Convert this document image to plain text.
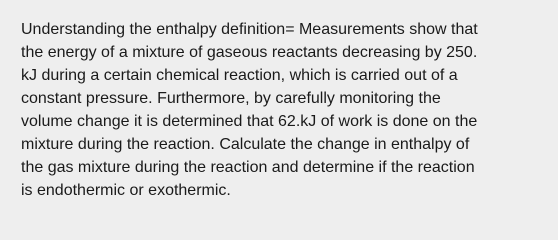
Understanding the enthalpy definition= Measurements show that
the energy of a mixture of gaseous reactants decreasing by 250.
kJ during a certain chemical reaction, which is carried out of a
constant pressure. Furthermore, by carefully monitoring the
volume change it is determined that 62.kJ of work is done on the
mixture during the reaction. Calculate the change in enthalpy of
the gas mixture during the reaction and determine if the reaction
is endothermic or exothermic.
